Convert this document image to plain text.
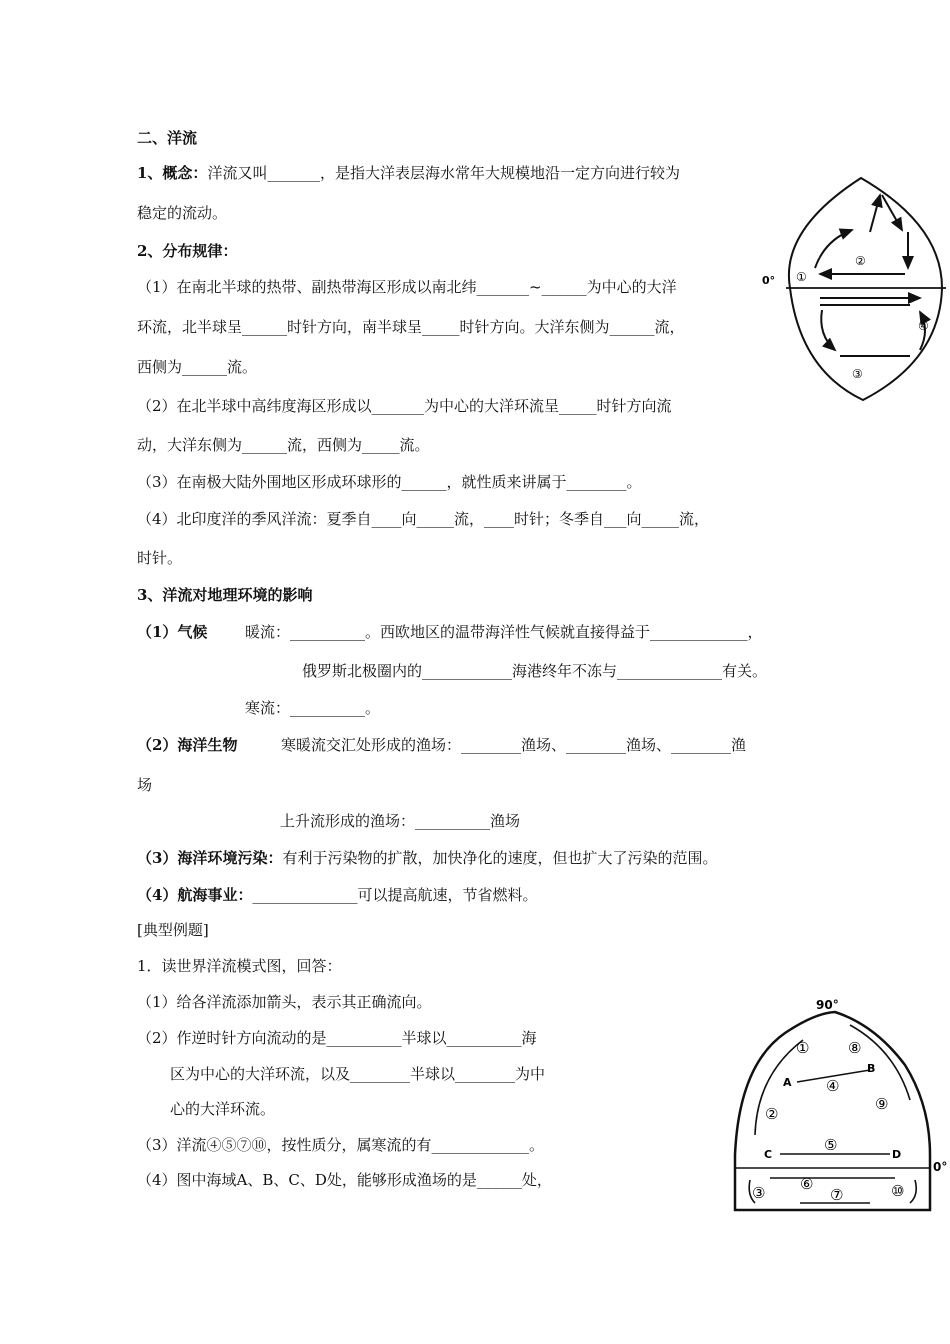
二、洋流
1、概念：洋流又叫_______，是指大洋表层海水常年大规模地沿一定方向进行较为
稳定的流动。
2、分布规律：
（1）在南北半球的热带、副热带海区形成以南北纬_______~______为中心的大洋
环流，北半球呈______时针方向，南半球呈_____时针方向。大洋东侧为______流，
西侧为______流。
（2）在北半球中高纬度海区形成以_______为中心的大洋环流呈_____时针方向流
动，大洋东侧为______流，西侧为_____流。
（3）在南极大陆外围地区形成环球形的______，就性质来讲属于________。
（4）北印度洋的季风洋流：夏季自____向_____流，____时针；冬季自___向_____流，
时针。
3、洋流对地理环境的影响
（1）气候	暖流：__________。西欧地区的温带海洋性气候就直接得益于_____________，
俄罗斯北极圈内的____________海港终年不冻与______________有关。
寒流：__________。
（2）海洋生物	寒暖流交汇处形成的渔场：________渔场、________渔场、________渔
场
上升流形成的渔场：__________渔场
（3）海洋环境污染：有利于污染物的扩散，加快净化的速度，但也扩大了污染的范围。
（4）航海事业：______________可以提高航速，节省燃料。
[典型例题]
1．读世界洋流模式图，回答：
（1）给各洋流添加箭头，表示其正确流向。
（2）作逆时针方向流动的是__________半球以__________海
区为中心的大洋环流，以及________半球以________为中
心的大洋环流。
（3）洋流④⑤⑦⑩，按性质分，属寒流的有_____________。
（4）图中海域A、B、C、D处，能够形成渔场的是______处，
0° ①
②
③
④
90°
0°
①
②
③
④
⑤
⑥
⑦
⑧
⑨
⑩
A
B
C	D
